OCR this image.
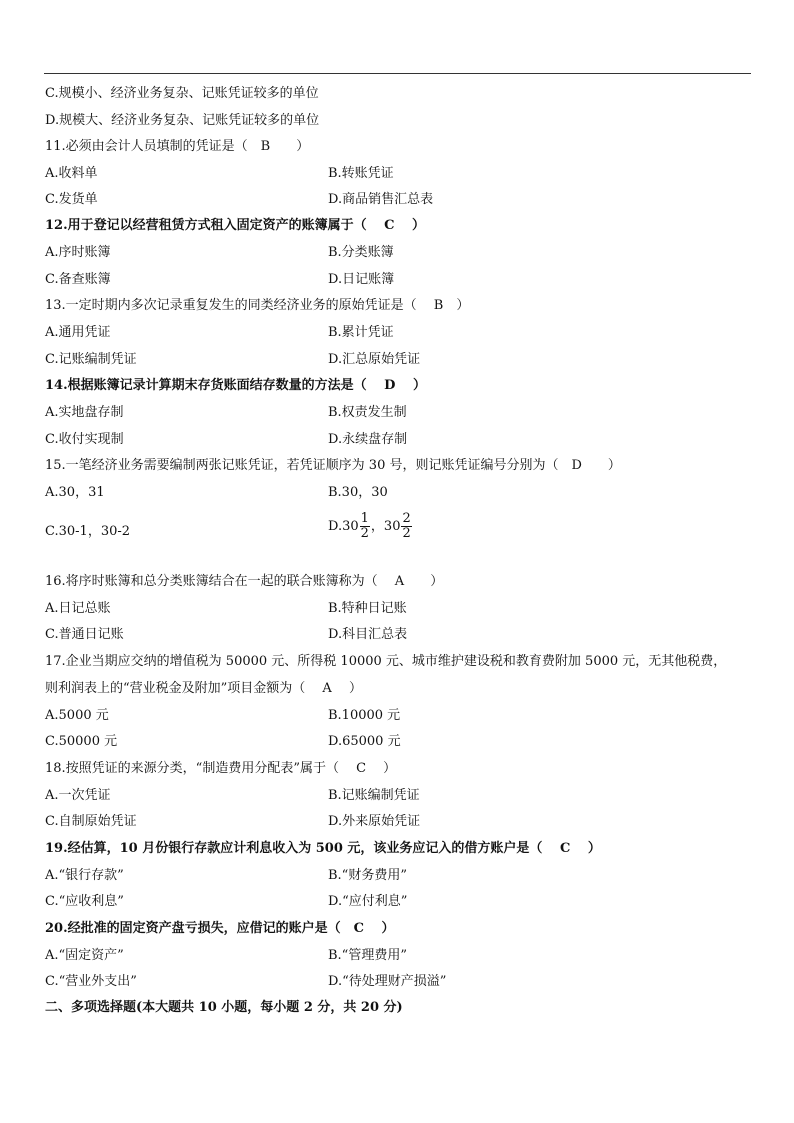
C.规模小、经济业务复杂、记账凭证较多的单位
D.规模大、经济业务复杂、记账凭证较多的单位
11.必须由会计人员填制的凭证是（　B　　）
A.收料单	B.转账凭证
C.发货单	D.商品销售汇总表
12.用于登记以经营租赁方式租入固定资产的账簿属于（　 C　 ）
A.序时账簿	B.分类账簿
C.备查账簿	D.日记账簿
13.一定时期内多次记录重复发生的同类经济业务的原始凭证是（　 B　）
A.通用凭证	B.累计凭证
C.记账编制凭证	D.汇总原始凭证
14.根据账簿记录计算期末存货账面结存数量的方法是（　 D　 ）
A.实地盘存制	B.权责发生制
C.收付实现制	D.永续盘存制
15.一笔经济业务需要编制两张记账凭证，若凭证顺序为 30 号，则记账凭证编号分别为（　D　　）
A.30，31	B.30，30
C.30-1，30-2	$D.30 \frac{1}{2}$ ，$30 \frac{2}{2}$
16.将序时账簿和总分类账簿结合在一起的联合账簿称为（　 A　　）
A.日记总账	B.特种日记账
C.普通日记账	D.科目汇总表
17.企业当期应交纳的增值税为 50000 元、所得税 10000 元、城市维护建设税和教育费附加 5000 元，无其他税费，
则利润表上的“营业税金及附加”项目金额为（　 A　 ）
A.5000 元	B.10000 元
C.50000 元	D.65000 元
18.按照凭证的来源分类，“制造费用分配表”属于（　 C　 ）
A.一次凭证	B.记账编制凭证
C.自制原始凭证	D.外来原始凭证
19.经估算，10 月份银行存款应计利息收入为 500 元，该业务应记入的借方账户是（　 C　 ）
A.“银行存款”	B.“财务费用”
C.“应收利息”	D.“应付利息”
20.经批准的固定资产盘亏损失，应借记的账户是（　C　 ）
A.“固定资产”	B.“管理费用”
C.“营业外支出”	D.“待处理财产损溢”
二、多项选择题(本大题共 10 小题，每小题 2 分，共 20 分)
